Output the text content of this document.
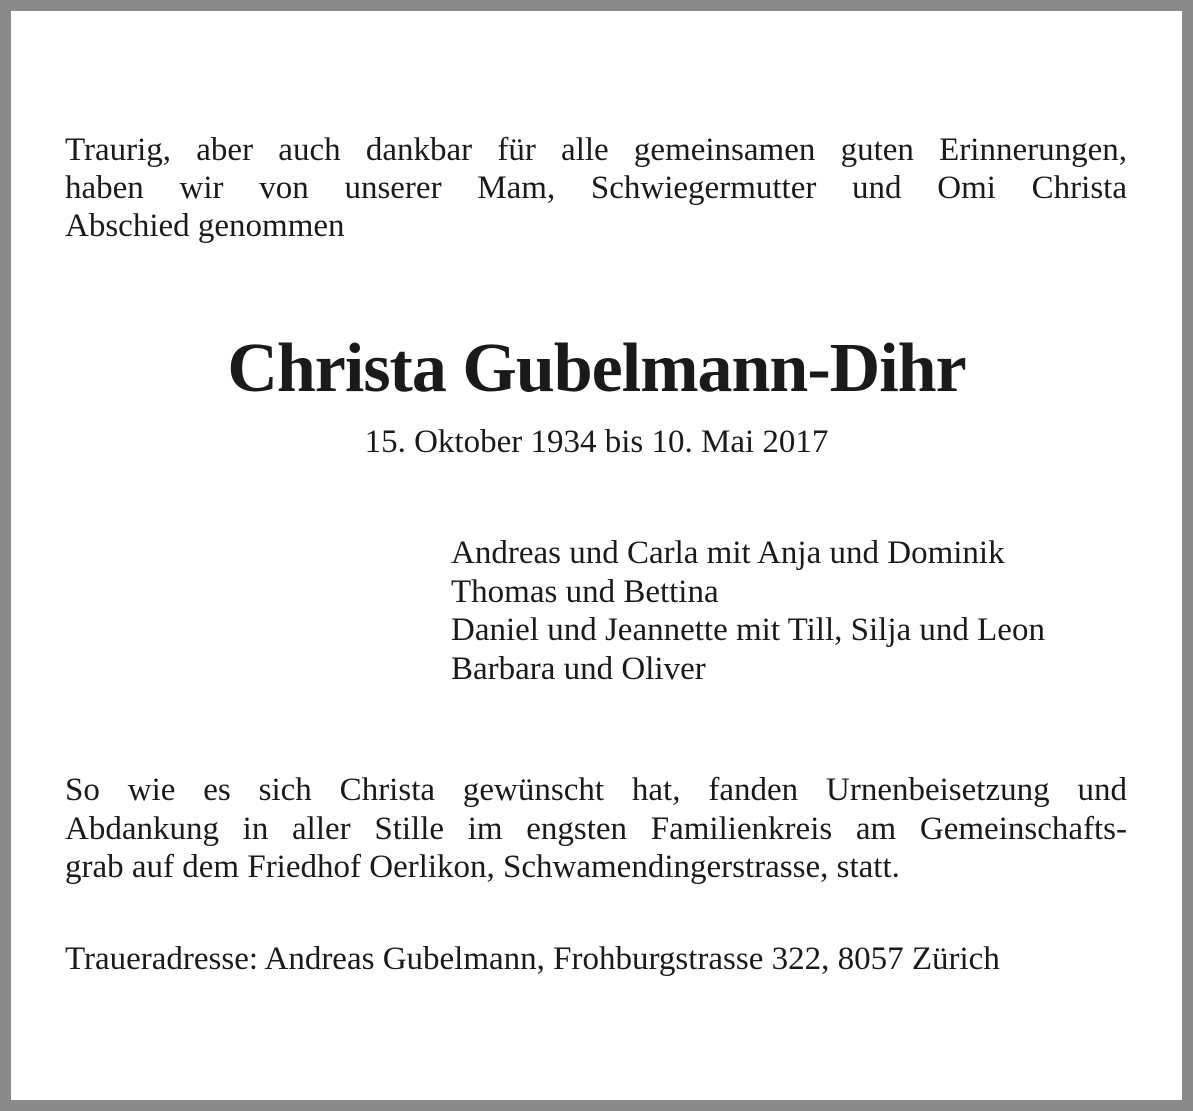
Traurig, aber auch dankbar für alle gemeinsamen guten Erinnerungen,
haben wir von unserer Mam, Schwiegermutter und Omi Christa
Abschied genommen
Christa Gubelmann-Dihr
15. Oktober 1934 bis 10. Mai 2017
Andreas und Carla mit Anja und Dominik
Thomas und Bettina
Daniel und Jeannette mit Till, Silja und Leon
Barbara und Oliver
So wie es sich Christa gewünscht hat, fanden Urnenbeisetzung und
Abdankung in aller Stille im engsten Familienkreis am Gemeinschafts-
grab auf dem Friedhof Oerlikon, Schwamendingerstrasse, statt.
Traueradresse: Andreas Gubelmann, Frohburgstrasse 322, 8057 Zürich
